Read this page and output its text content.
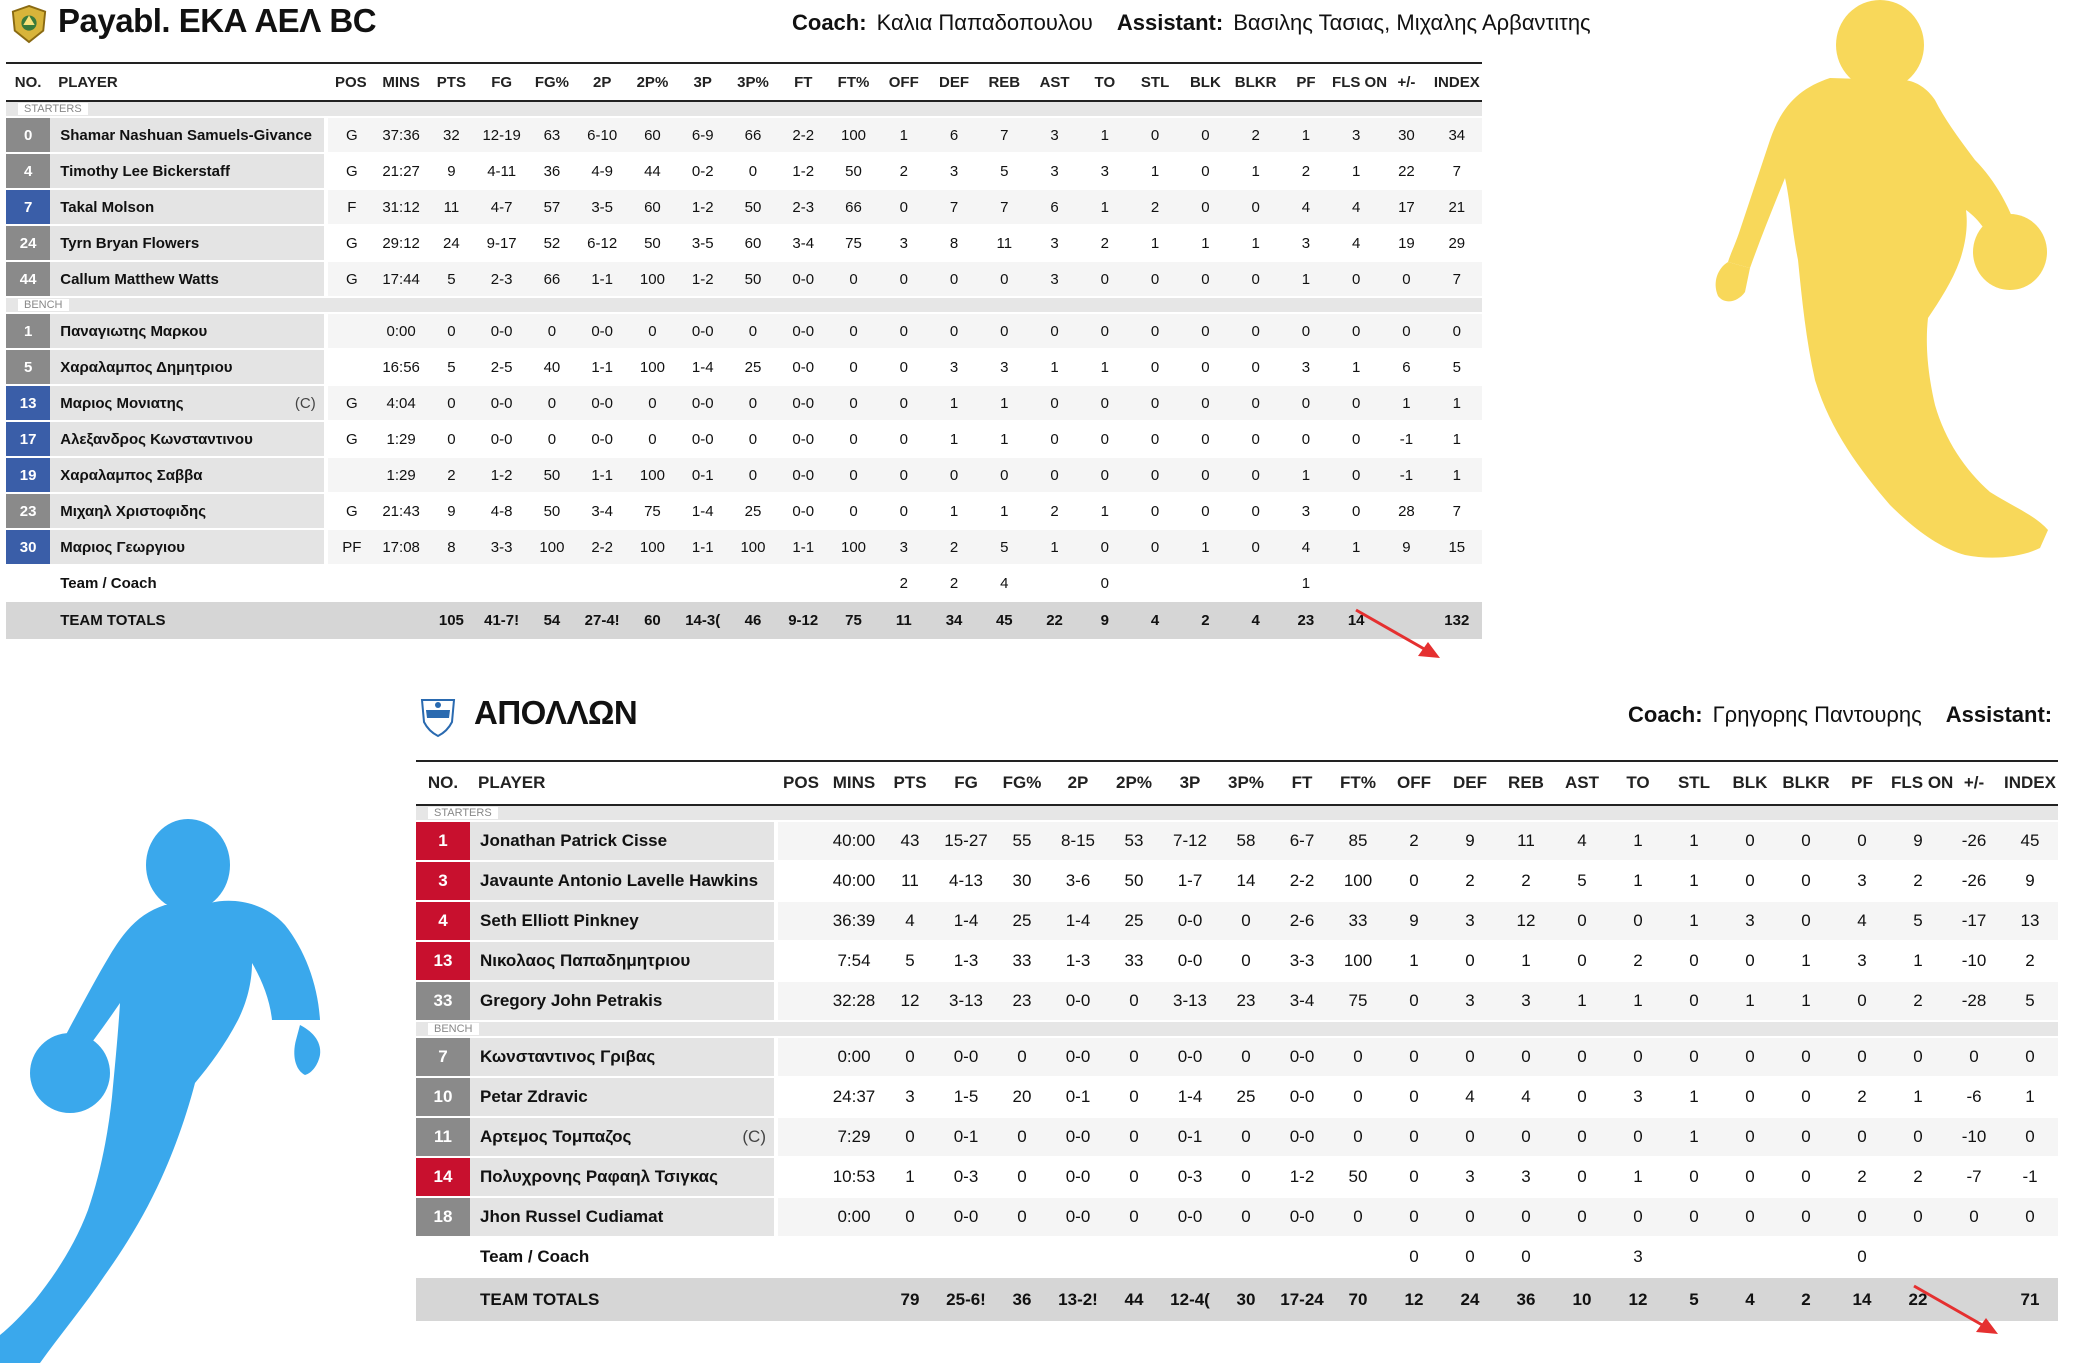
Payabl. ΕΚΑ ΑΕΛ BC	Coach: Καλια Παπαδοπουλου Assistant: Βασιλης Τασιας, Μιχαλης Αρβαντιτης
NO.	PLAYER	POS	MINS	PTS	FG	FG%	2P	2P%	3P	3P%	FT	FT%	OFF	DEF	REB	AST	TO	STL	BLK	BLKR	PF	FLS ON	+/-	INDEX
STARTERS																								
0	Shamar Nashuan Samuels-Givance	G	37:36	32	12-19	63	6-10	60	6-9	66	2-2	100	1	6	7	3	1	0	0	2	1	3	30	34
4	Timothy Lee Bickerstaff	G	21:27	9	4-11	36	4-9	44	0-2	0	1-2	50	2	3	5	3	3	1	0	1	2	1	22	7
7	Takal Molson	F	31:12	11	4-7	57	3-5	60	1-2	50	2-3	66	0	7	7	6	1	2	0	0	4	4	17	21
24	Tyrn Bryan Flowers	G	29:12	24	9-17	52	6-12	50	3-5	60	3-4	75	3	8	11	3	2	1	1	1	3	4	19	29
44	Callum Matthew Watts	G	17:44	5	2-3	66	1-1	100	1-2	50	0-0	0	0	0	0	3	0	0	0	0	1	0	0	7
BENCH																								
1	Παναγιωτης Μαρκου		0:00	0	0-0	0	0-0	0	0-0	0	0-0	0	0	0	0	0	0	0	0	0	0	0	0	0
5	Χαραλαμπος Δημητριου		16:56	5	2-5	40	1-1	100	1-4	25	0-0	0	0	3	3	1	1	0	0	0	3	1	6	5
13	Μαριος Μονιατης (C)	G	4:04	0	0-0	0	0-0	0	0-0	0	0-0	0	0	1	1	0	0	0	0	0	0	0	1	1
17	Αλεξανδρος Κωνσταντινου	G	1:29	0	0-0	0	0-0	0	0-0	0	0-0	0	0	1	1	0	0	0	0	0	0	0	-1	1
19	Χαραλαμπος Σαββα		1:29	2	1-2	50	1-1	100	0-1	0	0-0	0	0	0	0	0	0	0	0	0	1	0	-1	1
23	Μιχαηλ Χριστοφιδης	G	21:43	9	4-8	50	3-4	75	1-4	25	0-0	0	0	1	1	2	1	0	0	0	3	0	28	7
30	Μαριος Γεωργιου	PF	17:08	8	3-3	100	2-2	100	1-1	100	1-1	100	3	2	5	1	0	0	1	0	4	1	9	15
	Team / Coach												2	2	4		0				1			
	TEAM TOTALS			105	41-7!	54	27-4!	60	14-3(	46	9-12	75	11	34	45	22	9	4	2	4	23	14		132
ΑΠΟΛΛΩΝ	Coach: Γρηγορης Παντουρης Assistant:
NO.	PLAYER	POS	MINS	PTS	FG	FG%	2P	2P%	3P	3P%	FT	FT%	OFF	DEF	REB	AST	TO	STL	BLK	BLKR	PF	FLS ON	+/-	INDEX
STARTERS																								
1	Jonathan Patrick Cisse		40:00	43	15-27	55	8-15	53	7-12	58	6-7	85	2	9	11	4	1	1	0	0	0	9	-26	45
3	Javaunte Antonio Lavelle Hawkins		40:00	11	4-13	30	3-6	50	1-7	14	2-2	100	0	2	2	5	1	1	0	0	3	2	-26	9
4	Seth Elliott Pinkney		36:39	4	1-4	25	1-4	25	0-0	0	2-6	33	9	3	12	0	0	1	3	0	4	5	-17	13
13	Νικολαος Παπαδημητριου		7:54	5	1-3	33	1-3	33	0-0	0	3-3	100	1	0	1	0	2	0	0	1	3	1	-10	2
33	Gregory John Petrakis		32:28	12	3-13	23	0-0	0	3-13	23	3-4	75	0	3	3	1	1	0	1	1	0	2	-28	5
BENCH																								
7	Κωνσταντινος Γριβας		0:00	0	0-0	0	0-0	0	0-0	0	0-0	0	0	0	0	0	0	0	0	0	0	0	0	0
10	Petar Zdravic		24:37	3	1-5	20	0-1	0	1-4	25	0-0	0	0	4	4	0	3	1	0	0	2	1	-6	1
11	Αρτεμος Τομπαζος (C)		7:29	0	0-1	0	0-0	0	0-1	0	0-0	0	0	0	0	0	0	1	0	0	0	0	-10	0
14	Πολυχρονης Ραφαηλ Τσιγκας		10:53	1	0-3	0	0-0	0	0-3	0	1-2	50	0	3	3	0	1	0	0	0	2	2	-7	-1
18	Jhon Russel Cudiamat		0:00	0	0-0	0	0-0	0	0-0	0	0-0	0	0	0	0	0	0	0	0	0	0	0	0	0
	Team / Coach												0	0	0		3				0			
	TEAM TOTALS			79	25-6!	36	13-2!	44	12-4(	30	17-24	70	12	24	36	10	12	5	4	2	14	22		71
